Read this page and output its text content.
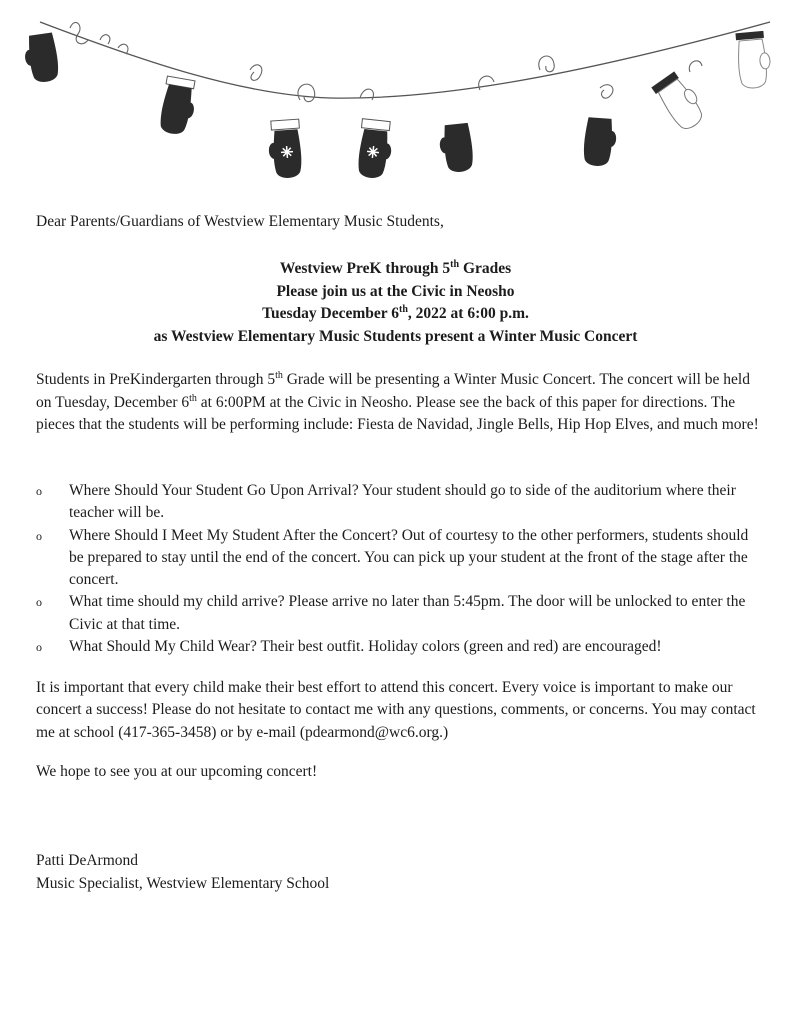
Dear Parents/Guardians of Westview Elementary Music Students,
Westview PreK through 5th Grades
Please join us at the Civic in Neosho
Tuesday December 6th, 2022 at 6:00 p.m.
as Westview Elementary Music Students present a Winter Music Concert
Students in PreKindergarten through 5th Grade will be presenting a Winter Music Concert. The concert will be held on Tuesday, December 6th at 6:00PM at the Civic in Neosho. Please see the back of this paper for directions. The pieces that the students will be performing include: Fiesta de Navidad, Jingle Bells, Hip Hop Elves, and much more!
o Where Should Your Student Go Upon Arrival? Your student should go to side of the auditorium where their teacher will be.
o Where Should I Meet My Student After the Concert? Out of courtesy to the other performers, students should be prepared to stay until the end of the concert. You can pick up your student at the front of the stage after the concert.
o What time should my child arrive? Please arrive no later than 5:45pm. The door will be unlocked to enter the Civic at that time.
o What Should My Child Wear? Their best outfit. Holiday colors (green and red) are encouraged!
It is important that every child make their best effort to attend this concert. Every voice is important to make our concert a success! Please do not hesitate to contact me with any questions, comments, or concerns. You may contact me at school (417-365-3458) or by e-mail (pdearmond@wc6.org.)
We hope to see you at our upcoming concert!
Patti DeArmond
Music Specialist, Westview Elementary School
